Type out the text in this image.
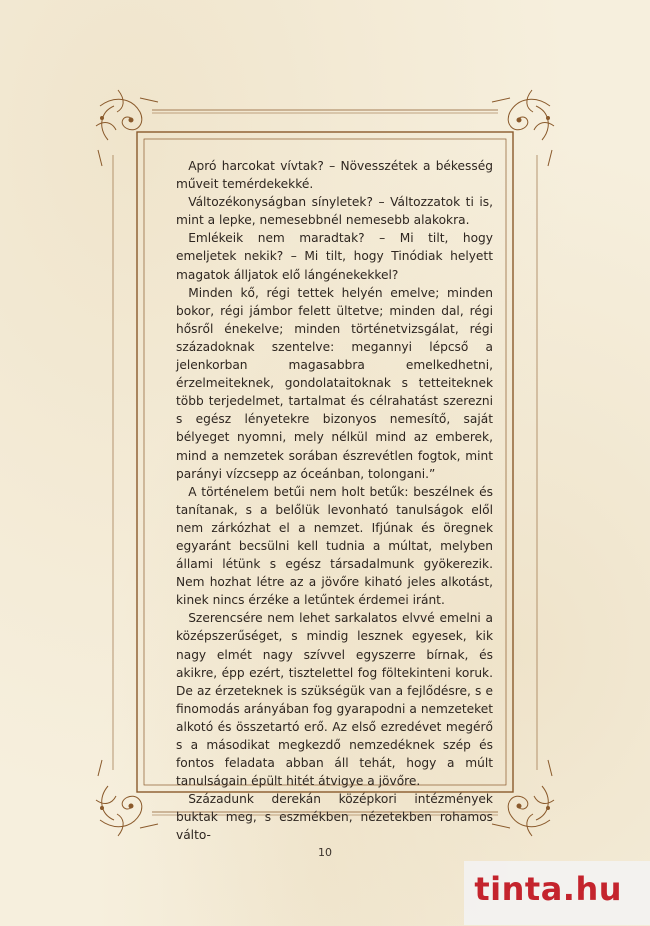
 Apró harcokat vívtak? – Növesszétek a békesség műveit temérdekekké.

 Változékonyságban sínyletek? – Változzatok ti is, mint a lepke, nemesebbnél nemesebb alakokra.

 Emlékeik nem maradtak? – Mi tilt, hogy emeljetek nekik? – Mi tilt, hogy Tinódiak helyett magatok álljatok elő lángénekekkel?

 Minden kő, régi tettek helyén emelve; minden bokor, régi jámbor felett ültetve; minden dal, régi hősről énekelve; minden történetvizsgálat, régi századoknak szentelve: megannyi lépcső a jelenkorban magasabbra emelkedhetni, érzelmeiteknek, gondolataitoknak s tetteiteknek több terjedelmet, tartalmat és célrahatást szerezni s egész lényetekre bizonyos nemesítő, saját bélyeget nyomni, mely nélkül mind az emberek, mind a nemzetek sorában észrevétlen fogtok, mint parányi vízcsepp az óceánban, tolongani.”

 A történelem betűi nem holt betűk: beszélnek és tanítanak, s a belőlük levonható tanulságok elől nem zárkózhat el a nemzet. Ifjúnak és öregnek egyaránt becsülni kell tudnia a múltat, melyben állami létünk s egész társadalmunk gyökerezik. Nem hozhat létre az a jövőre kiható jeles alkotást, kinek nincs érzéke a letűntek érdemei iránt.

 Szerencsére nem lehet sarkalatos elvvé emelni a középszerűséget, s mindig lesznek egyesek, kik nagy elmét nagy szívvel egyszerre bírnak, és akikre, épp ezért, tisztelettel fog föltekinteni koruk. De az érzeteknek is szükségük van a fejlődésre, s e finomodás arányában fog gyarapodni a nemzeteket alkotó és összetartó erő. Az első ezredévet megérő s a másodikat megkezdő nemzedéknek szép és fontos feladata abban áll tehát, hogy a múlt tanulságain épült hitét átvigye a jövőre.

 Századunk derekán középkori intézmények buktak meg, s eszmékben, nézetekben rohamos válto-

10
tinta.hu
